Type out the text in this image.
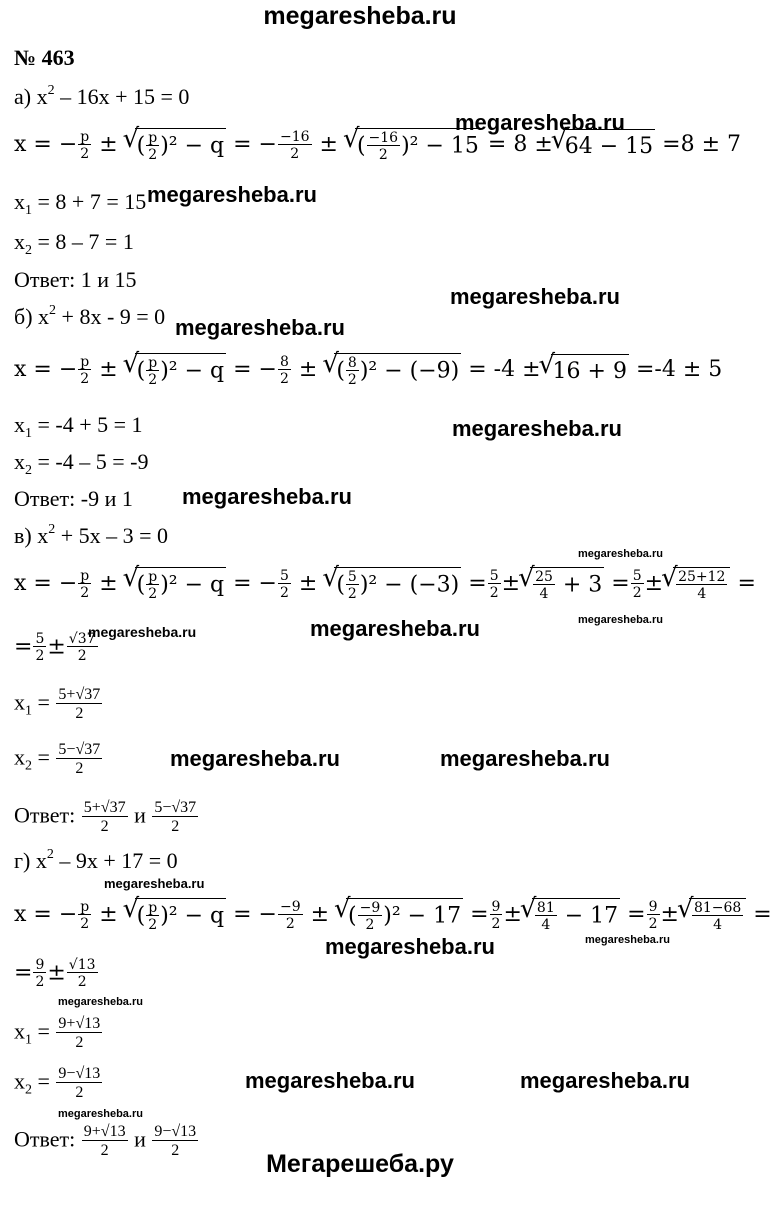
megaresheba.ru
№ 463
а) $x^2 - 16x + 15 = 0$
x = − $\frac{p}{2}$ ± √ ( $\frac{p}{2} )^2 - q$ = − $\frac{-16}{2}$ ± √ ( $\frac{-16}{2} )^2 - 15 = 8$ ± √ 64 − 15 =8 ± 7
megaresheba.ru
$x_1 = 8 + 7 = 15$ megaresheba.ru
$x_2 = 8 - 7 = 1$
Ответ: 1 и 15
megaresheba.ru
б) $x^2 + 8x - 9 = 0$ megaresheba.ru
x = − $\frac{p}{2}$ ± √ ( $\frac{p}{2} )^2 - q$ = − $\frac{8}{2}$ ± √ ( $\frac{8}{2} )^2 - (-9) = -4$ ± √ 16 + 9 =-4 ± 5
$x_1 = -4 + 5 = 1$	megaresheba.ru
$x_2 = -4 - 5 = -9$
Ответ: -9 и 1 megaresheba.ru
в) $x^2 + 5x - 3 = 0$
megaresheba.ru
x = − $\frac{p}{2}$ ± √ ( $\frac{p}{2} )^2 - q$ = − $\frac{5}{2}$ ± √ ( $\frac{5}{2} )^2 - (-3) = \frac{5}{2}$ ± √ $\frac{25}{4} + 3 = \frac{5}{2}$ ± √ $\frac{25+12}{4}$ =
megaresheba.ru
= $\frac{5}{2} \pm \frac{√37}{2}$
megaresheba.ru	megaresheba.ru
$x_1 = \frac{5+√37}{2}$
$x_2 = \frac{5-√37}{2}$	megaresheba.ru	megaresheba.ru
Ответ: $\frac{5+√37}{2}$ и $\frac{5-√37}{2}$
г) $x^2 - 9x + 17 = 0$
megaresheba.ru
x = − $\frac{p}{2}$ ± √ ( $\frac{p}{2} )^2 - q$ = − $\frac{-9}{2}$ ± √ ( $\frac{-9}{2} )^2 - 17 = \frac{9}{2}$ ± √ $\frac{81}{4} - 17 = \frac{9}{2}$ ± √ $\frac{81-68}{4}$ =
megaresheba.ru	megaresheba.ru
= $\frac{9}{2} \pm \frac{√13}{2}$
megaresheba.ru
$x_1 = \frac{9+√13}{2}$
$x_2 = \frac{9-√13}{2}$	megaresheba.ru	megaresheba.ru
megaresheba.ru
Ответ: $\frac{9+√13}{2}$ и $\frac{9-√13}{2}$
Мегарешеба.ру
